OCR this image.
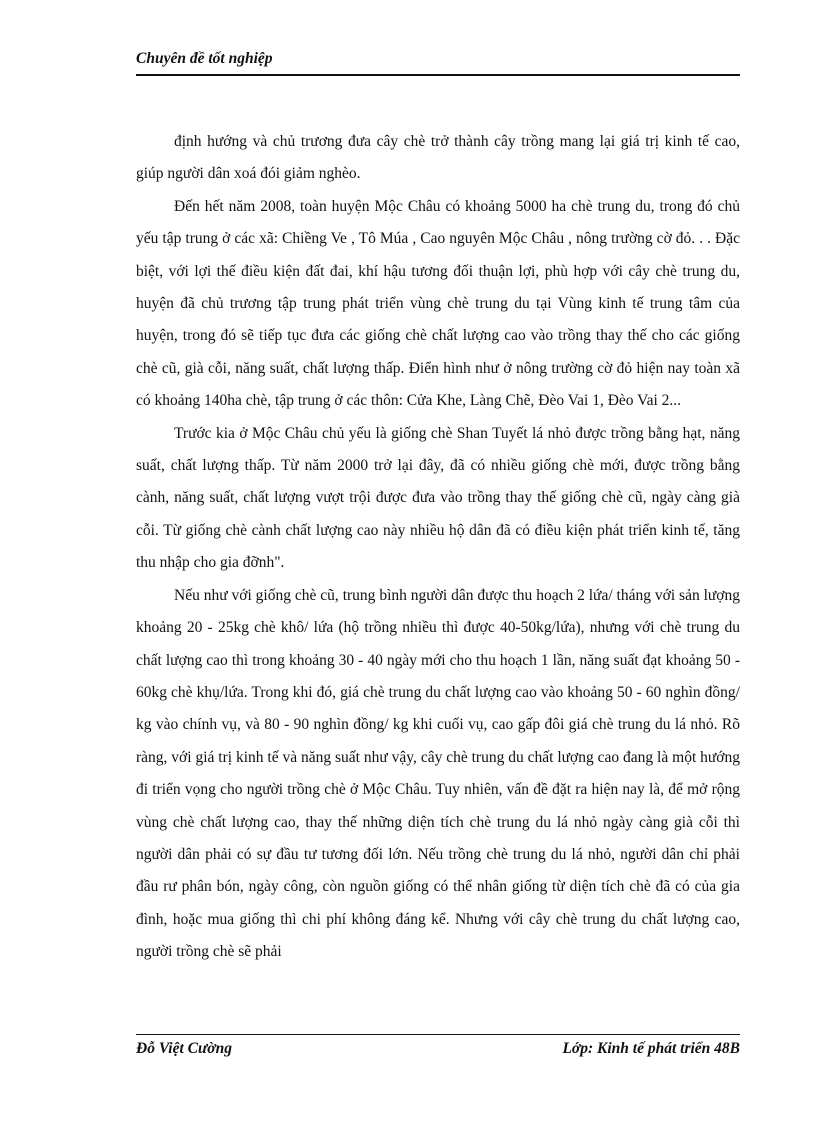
Chuyên đề tốt nghiệp

định hướng và chủ trương đưa cây chè trở thành cây trồng mang lại giá trị kinh tế cao, giúp người dân xoá đói giảm nghèo.

Đến hết năm 2008, toàn huyện Mộc Châu có khoảng 5000 ha chè trung du, trong đó chủ yếu tập trung ở các xã: Chiềng Ve , Tô Múa , Cao nguyên Mộc Châu , nông trường cờ đỏ. . . Đặc biệt, với lợi thế điều kiện đất đai, khí hậu tương đối thuận lợi, phù hợp với cây chè trung du, huyện đã chủ trương tập trung phát triển vùng chè trung du tại Vùng kinh tế trung tâm của huyện, trong đó sẽ tiếp tục đưa các giống chè chất lượng cao vào trồng thay thế cho các giống chè cũ, già cỗi, năng suất, chất lượng thấp. Điển hình như ở nông trường cờ đỏ hiện nay toàn xã có khoảng 140ha chè, tập trung ở các thôn: Cửa Khe, Làng Chẽ, Đèo Vai 1, Đèo Vai 2...

Trước kia ở Mộc Châu chủ yếu là giống chè Shan Tuyết lá nhỏ được trồng bằng hạt, năng suất, chất lượng thấp. Từ năm 2000 trở lại đây, đã có nhiều giống chè mới, được trồng bằng cành, năng suất, chất lượng vượt trội được đưa vào trồng thay thế giống chè cũ, ngày càng già cỗi. Từ giống chè cành chất lượng cao này nhiều hộ dân đã có điều kiện phát triển kinh tế, tăng thu nhập cho gia đỡnh".

Nếu như với giống chè cũ, trung bình người dân được thu hoạch 2 lứa/ tháng với sản lượng khoảng 20 - 25kg chè khô/ lứa (hộ trồng nhiều thì được 40-50kg/lứa), nhưng với chè trung du chất lượng cao thì trong khoảng 30 - 40 ngày mới cho thu hoạch 1 lần, năng suất đạt khoảng 50 - 60kg chè khụ/lứa. Trong khi đó, giá chè trung du chất lượng cao vào khoảng 50 - 60 nghìn đồng/ kg vào chính vụ, và 80 - 90 nghìn đồng/ kg khi cuối vụ, cao gấp đôi giá chè trung du lá nhỏ. Rõ ràng, với giá trị kinh tế và năng suất như vậy, cây chè trung du chất lượng cao đang là một hướng đi triển vọng cho người trồng chè ở Mộc Châu. Tuy nhiên, vấn đề đặt ra hiện nay là, để mở rộng vùng chè chất lượng cao, thay thế những diện tích chè trung du lá nhỏ ngày càng già cỗi thì người dân phải có sự đầu tư tương đối lớn. Nếu trồng chè trung du lá nhỏ, người dân chỉ phải đầu rư phân bón, ngày công, còn nguồn giống có thể nhân giống từ diện tích chè đã có của gia đình, hoặc mua giống thì chi phí không đáng kể. Nhưng với cây chè trung du chất lượng cao, người trồng chè sẽ phải

Đỗ Việt Cường	Lớp: Kinh tế phát triển 48B
